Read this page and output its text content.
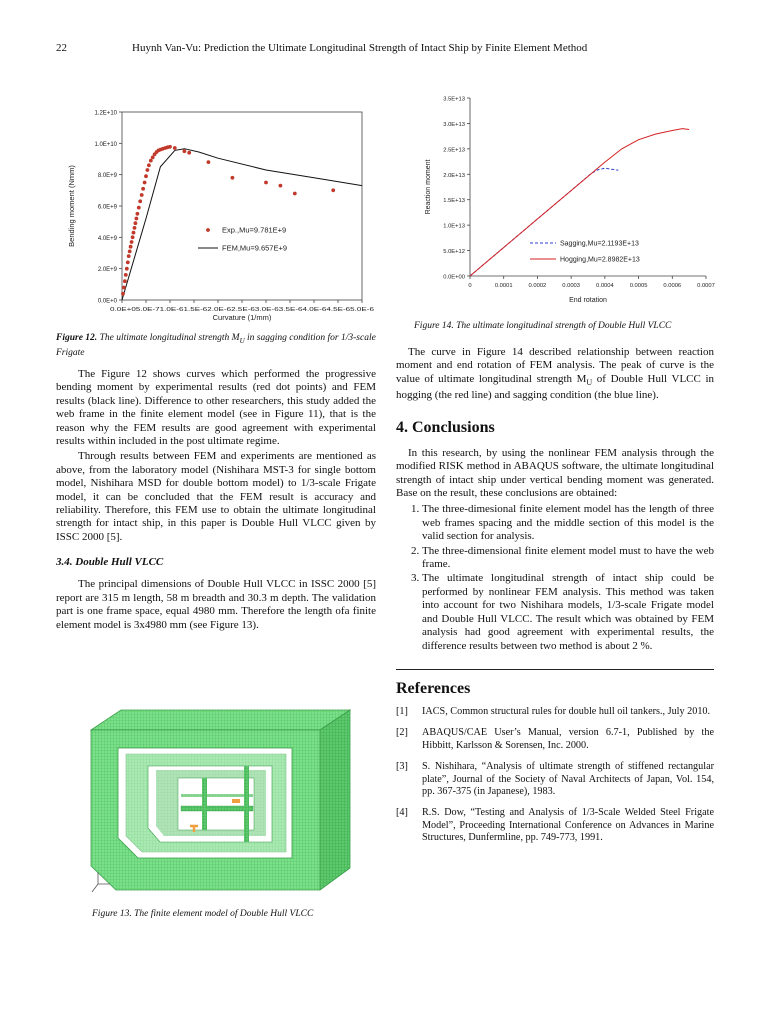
22	Huynh Van-Vu: Prediction the Ultimate Longitudinal Strength of Intact Ship by Finite Element Method
0.0E+0
2.0E+9
4.0E+9
6.0E+9
8.0E+9
1.0E+10
1.2E+10
0.0E+05.0E-71.0E-61.5E-62.0E-62.5E-63.0E-63.5E-64.0E-64.5E-65.0E-6
Curvature (1/mm)
Bending moment (Nmm)	Exp.,Mu=9.781E+9
FEM,Mu=9.657E+9
Figure 12. The ultimate longitudinal strength $M_U$ in sagging condition for 1/3-scale Frigate

The Figure 12 shows curves which performed the progressive bending moment by experimental results (red dot points) and FEM results (black line). Difference to other researchers, this study added the web frame in the finite element model (see in Figure 11), that is the reason why the FEM results are good agreement with experimental results within included in the post ultimate regime.

Through results between FEM and experiments are mentioned as above, from the laboratory model (Nishihara MST-3 for single bottom model, Nishihara MSD for double bottom model) to 1/3-scale Frigate model, it can be concluded that the FEM result is accuracy and reliability. Therefore, this FEM use to obtain the ultimate longitudinal strength for intact ship, in this paper is Double Hull VLCC given by ISSC 2000 [5].

3.4. Double Hull VLCC

The principal dimensions of Double Hull VLCC in ISSC 2000 [5] report are 315 m length, 58 m breadth and 30.3 m depth. The validation part is one frame space, equal 4980 mm. Therefore the length ofa finite element model is 3x4980 mm (see Figure 13).

Figure 13. The finite element model of Double Hull VLCC
0.0E+00
5.0E+12
1.0E+13
1.5E+13
2.0E+13
2.5E+13
3.0E+13
3.5E+13
0	0.0001	0.0002	0.0003	0.0004	0.0005	0.0006	0.0007
End rotation
Reaction moment
Sagging,Mu=2.1193E+13
Hogging,Mu=2.8982E+13
Figure 14. The ultimate longitudinal strength of Double Hull VLCC

The curve in Figure 14 described relationship between reaction moment and end rotation of FEM analysis. The peak of curve is the value of ultimate longitudinal strength $M_U$ of Double Hull VLCC in hogging (the red line) and sagging condition (the blue line).

4. Conclusions

In this research, by using the nonlinear FEM analysis through the modified RISK method in ABAQUS software, the ultimate longitudinal strength of intact ship under vertical bending moment was generated. Base on the result, these conclusions are obtained:

1. The three-dimesional finite element model has the length of three web frames spacing and the middle section of this model is the valid section for analysis.
2. The three-dimensional finite element model must to have the web frame.
3. The ultimate longitudinal strength of intact ship could be performed by nonlinear FEM analysis. This method was taken into account for two Nishihara models, 1/3-scale Frigate model and Double Hull VLCC. The result which was obtained by FEM analysis had good agreement with experimental results, the difference results between two method is about 2 %.
References
[1]	IACS, Common structural rules for double hull oil tankers., July 2010.
[2]	ABAQUS/CAE User’s Manual, version 6.7-1, Published by the Hibbitt, Karlsson & Sorensen, Inc. 2000.
[3]	S. Nishihara, “Analysis of ultimate strength of stiffened rectangular plate”, Journal of the Society of Naval Architects of Japan, Vol. 154, pp. 367-375 (in Japanese), 1983.
[4]	R.S. Dow, “Testing and Analysis of 1/3-Scale Welded Steel Frigate Model”, Proceeding International Conference on Advances in Marine Structures, Dunfermline, pp. 749-773, 1991.
